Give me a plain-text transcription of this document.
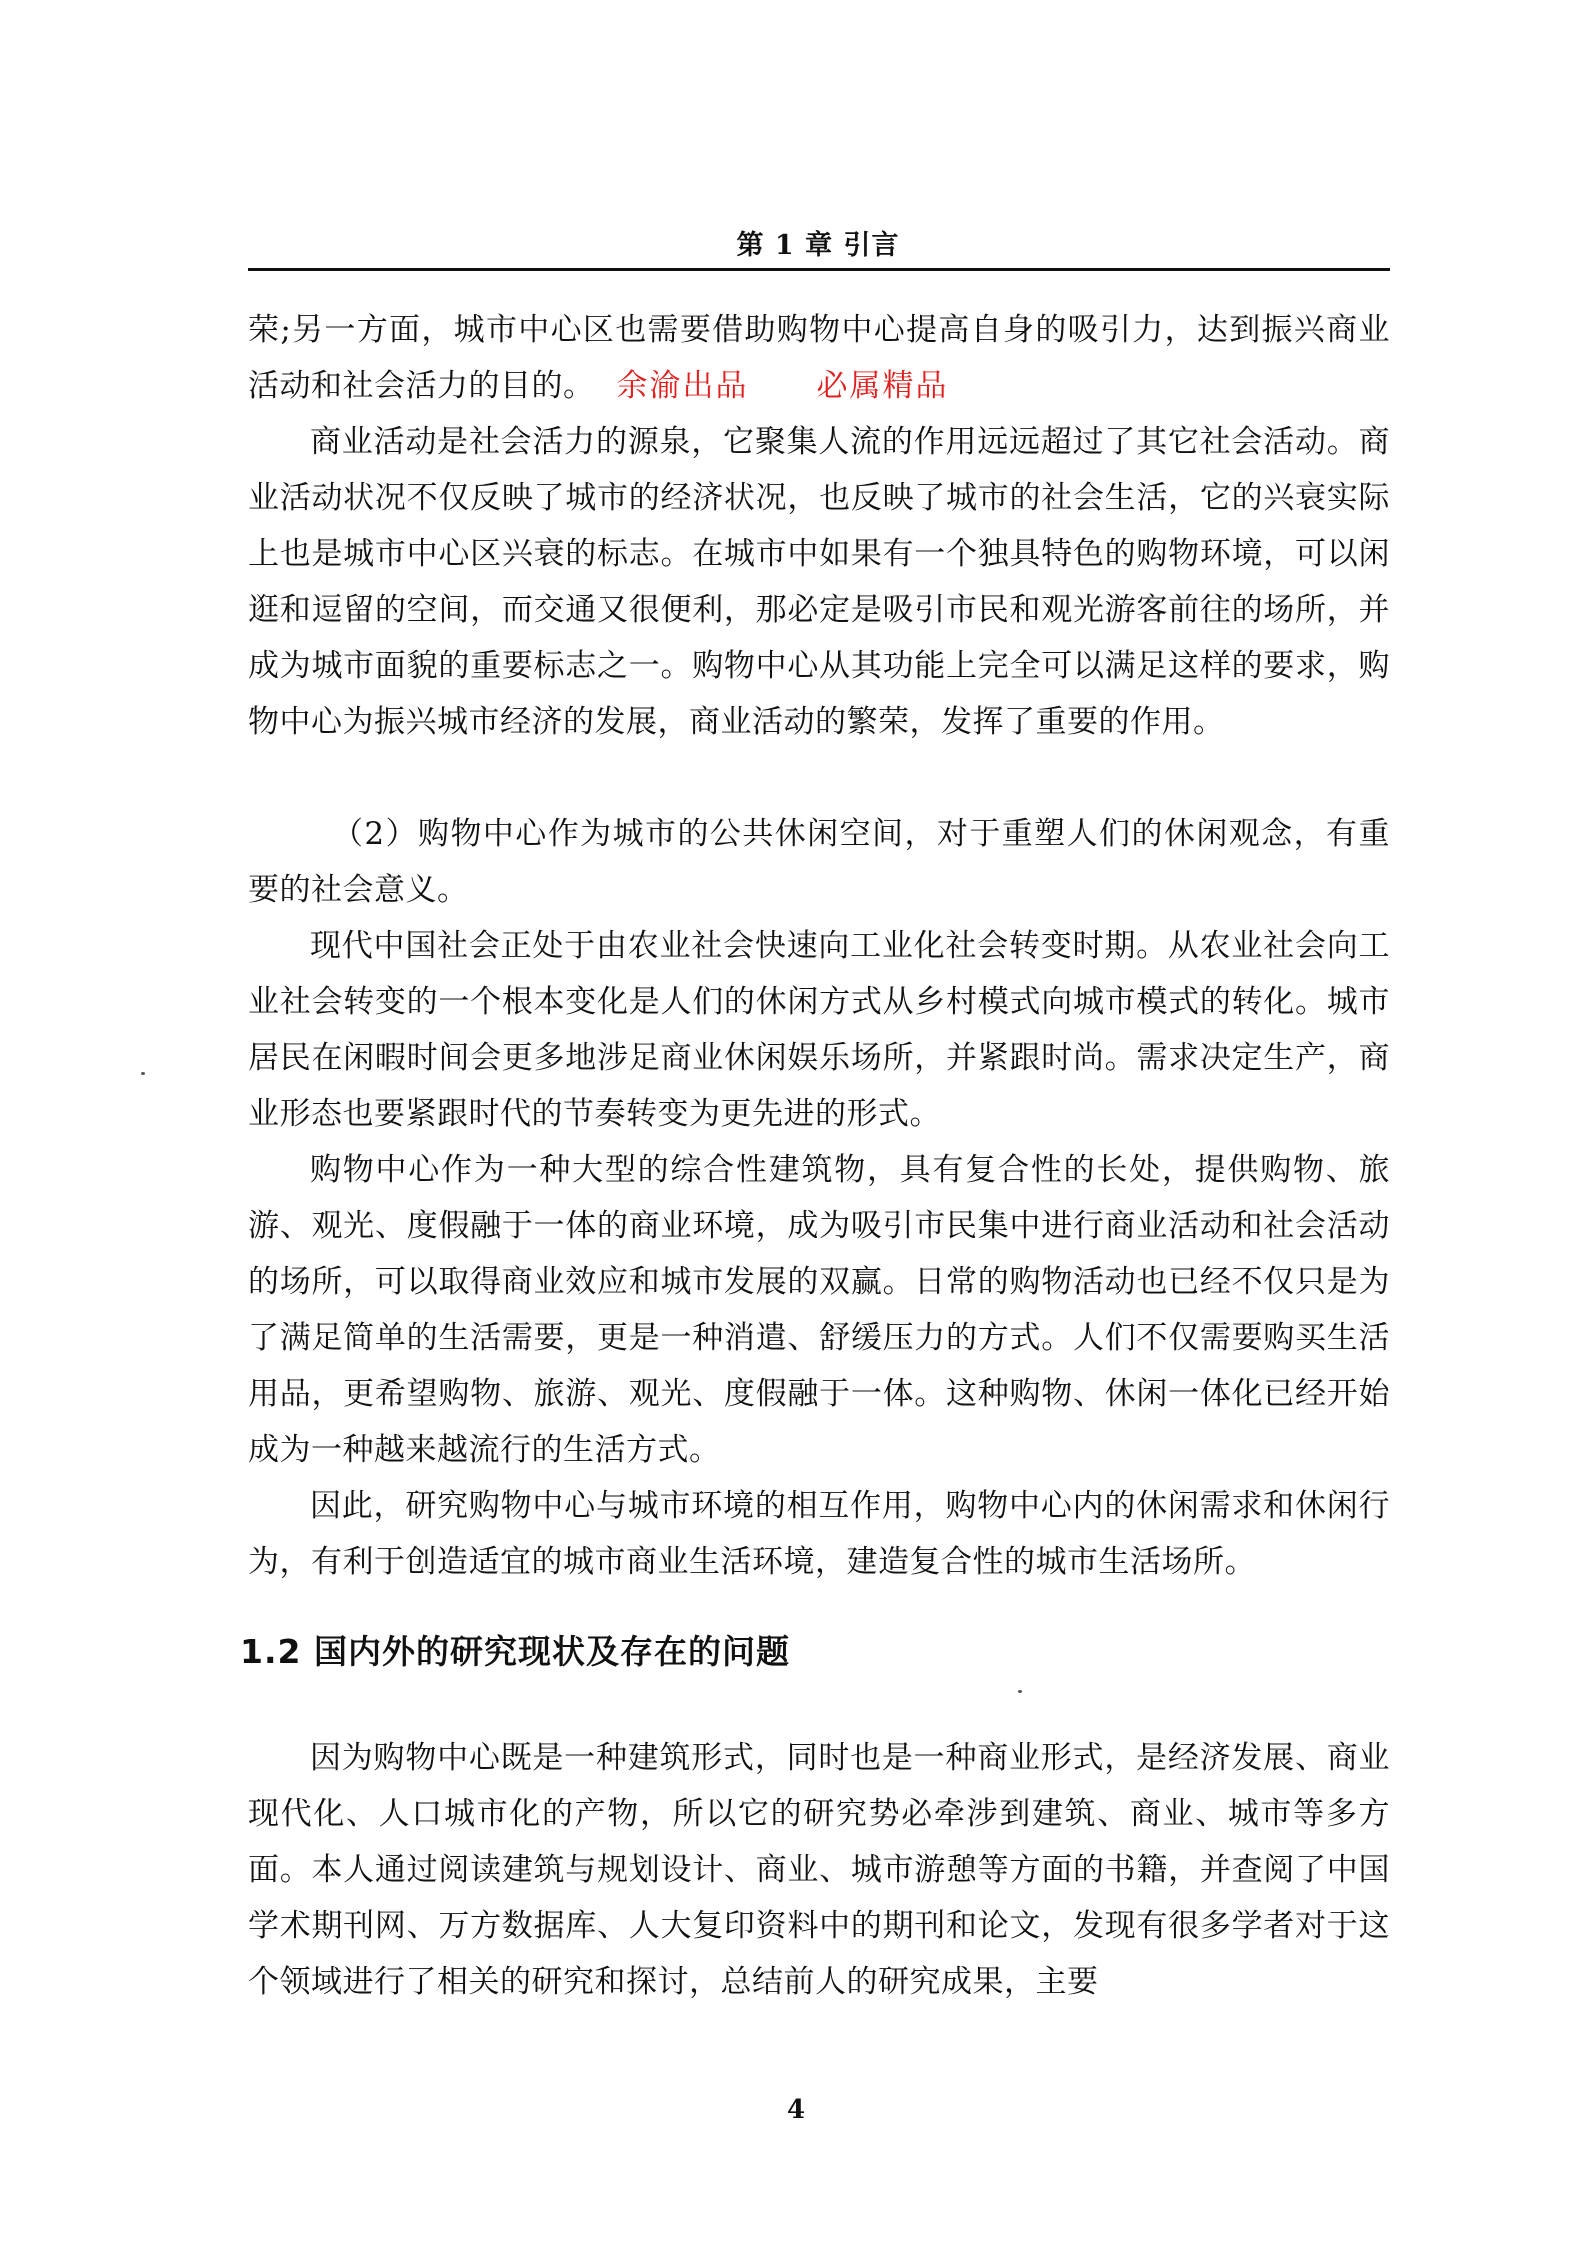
第 1 章 引言

荣;另一方面，城市中心区也需要借助购物中心提高自身的吸引力，达到振兴商业活动和社会活力的目的。 余渝出品 必属精品

商业活动是社会活力的源泉，它聚集人流的作用远远超过了其它社会活动。商业活动状况不仅反映了城市的经济状况，也反映了城市的社会生活，它的兴衰实际上也是城市中心区兴衰的标志。在城市中如果有一个独具特色的购物环境，可以闲逛和逗留的空间，而交通又很便利，那必定是吸引市民和观光游客前往的场所，并成为城市面貌的重要标志之一。购物中心从其功能上完全可以满足这样的要求，购物中心为振兴城市经济的发展，商业活动的繁荣，发挥了重要的作用。

（2）购物中心作为城市的公共休闲空间，对于重塑人们的休闲观念，有重要的社会意义。

现代中国社会正处于由农业社会快速向工业化社会转变时期。从农业社会向工业社会转变的一个根本变化是人们的休闲方式从乡村模式向城市模式的转化。城市居民在闲暇时间会更多地涉足商业休闲娱乐场所，并紧跟时尚。需求决定生产，商业形态也要紧跟时代的节奏转变为更先进的形式。

购物中心作为一种大型的综合性建筑物，具有复合性的长处，提供购物、旅游、观光、度假融于一体的商业环境，成为吸引市民集中进行商业活动和社会活动的场所，可以取得商业效应和城市发展的双赢。日常的购物活动也已经不仅只是为了满足简单的生活需要，更是一种消遣、舒缓压力的方式。人们不仅需要购买生活用品，更希望购物、旅游、观光、度假融于一体。这种购物、休闲一体化已经开始成为一种越来越流行的生活方式。

因此，研究购物中心与城市环境的相互作用，购物中心内的休闲需求和休闲行为，有利于创造适宜的城市商业生活环境，建造复合性的城市生活场所。

1.2 国内外的研究现状及存在的问题

因为购物中心既是一种建筑形式，同时也是一种商业形式，是经济发展、商业现代化、人口城市化的产物，所以它的研究势必牵涉到建筑、商业、城市等多方面。本人通过阅读建筑与规划设计、商业、城市游憩等方面的书籍，并查阅了中国学术期刊网、万方数据库、人大复印资料中的期刊和论文，发现有很多学者对于这个领域进行了相关的研究和探讨，总结前人的研究成果，主要

4
